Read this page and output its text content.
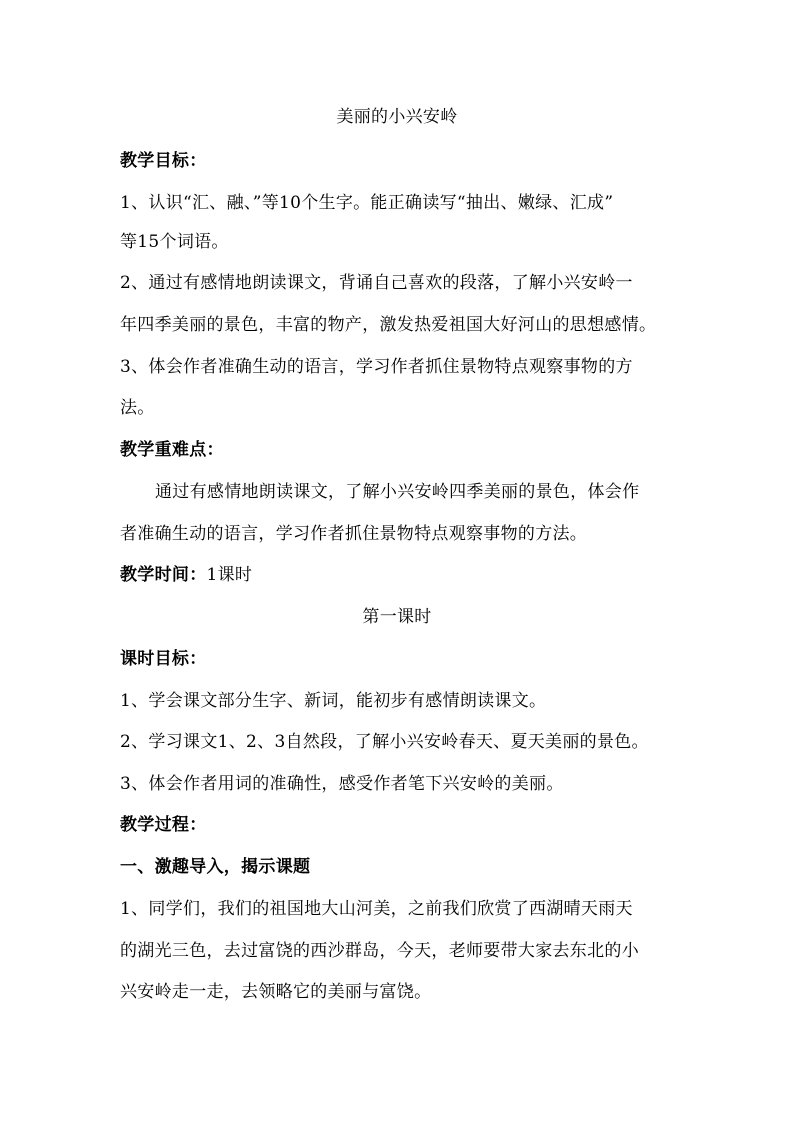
美丽的小兴安岭
教学目标：
1、认识“汇、融、”等10个生字。能正确读写“抽出、嫩绿、汇成”
等15个词语。
2、通过有感情地朗读课文，背诵自己喜欢的段落，了解小兴安岭一
年四季美丽的景色，丰富的物产，激发热爱祖国大好河山的思想感情。
3、体会作者准确生动的语言，学习作者抓住景物特点观察事物的方
法。
教学重难点：
通过有感情地朗读课文，了解小兴安岭四季美丽的景色，体会作
者准确生动的语言，学习作者抓住景物特点观察事物的方法。
教学时间：1课时
第一课时
课时目标：
1、学会课文部分生字、新词，能初步有感情朗读课文。
2、学习课文1、2、3自然段，了解小兴安岭春天、夏天美丽的景色。
3、体会作者用词的准确性，感受作者笔下兴安岭的美丽。
教学过程：
一、激趣导入，揭示课题
1、同学们，我们的祖国地大山河美，之前我们欣赏了西湖晴天雨天
的湖光三色，去过富饶的西沙群岛，今天，老师要带大家去东北的小
兴安岭走一走，去领略它的美丽与富饶。
